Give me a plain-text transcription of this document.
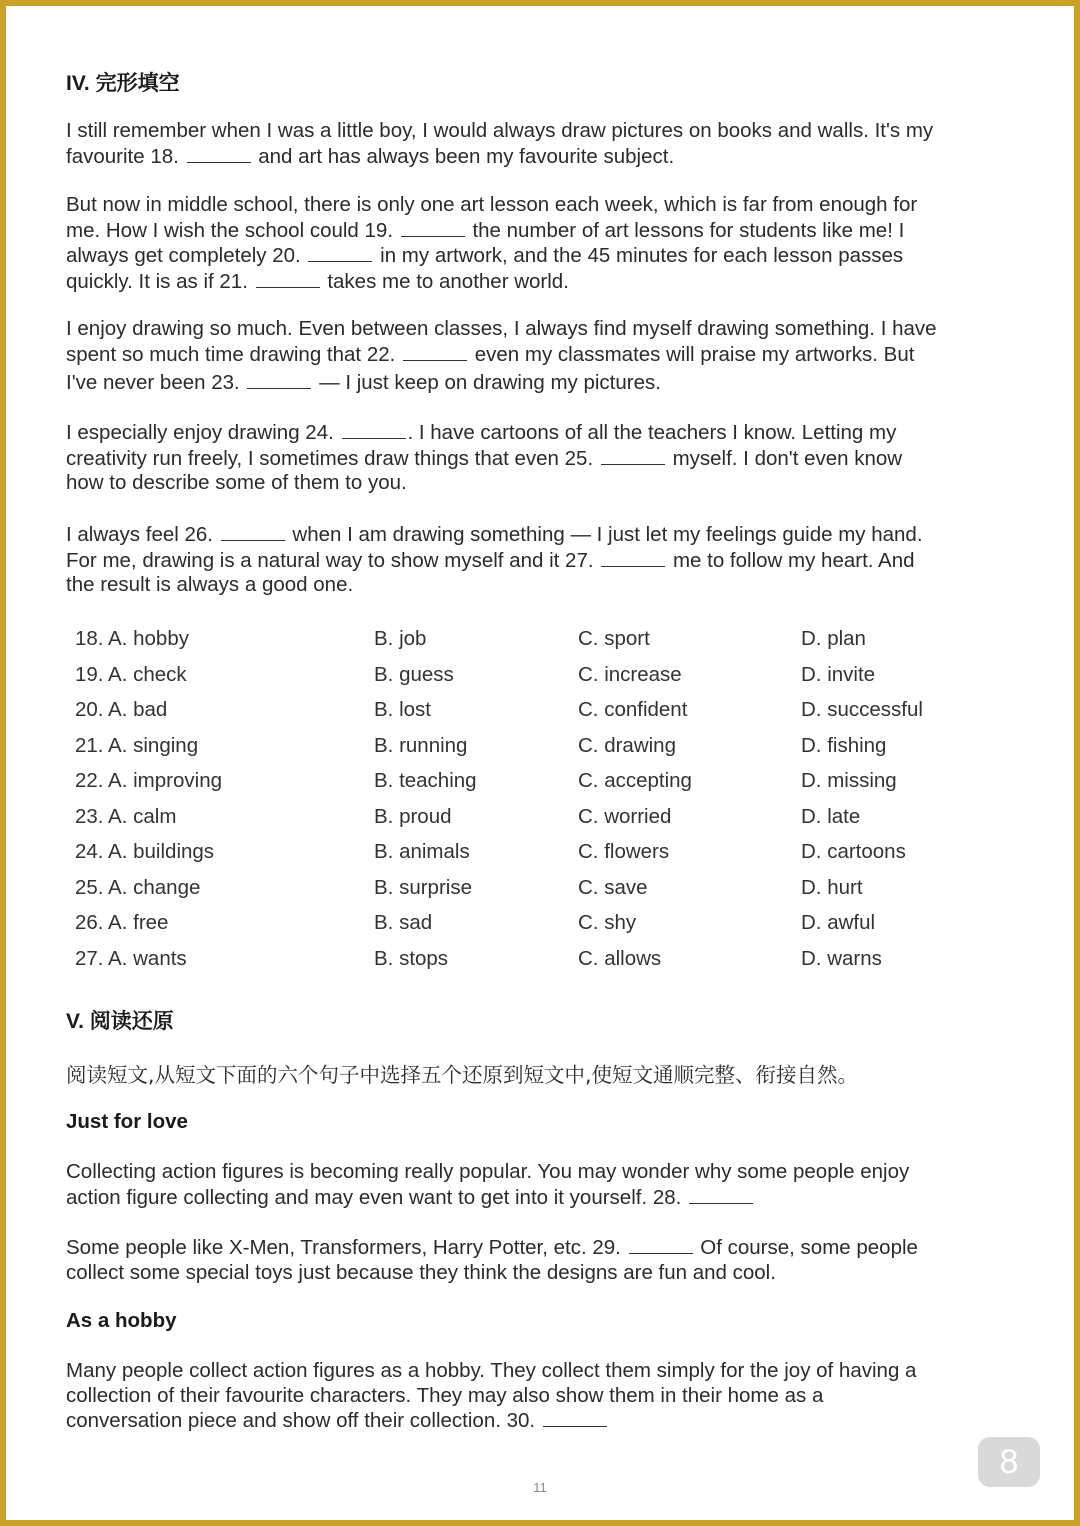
IV. 完形填空
I still remember when I was a little boy, I would always draw pictures on books and walls. It's my
favourite 18.	and art has always been my favourite subject.
But now in middle school, there is only one art lesson each week, which is far from enough for
me. How I wish the school could 19.	the number of art lessons for students like me! I
always get completely 20.	in my artwork, and the 45 minutes for each lesson passes
quickly. It is as if 21.	takes me to another world.
I enjoy drawing so much. Even between classes, I always find myself drawing something. I have
spent so much time drawing that 22.	even my classmates will praise my artworks. But
I've never been 23.	— I just keep on drawing my pictures.
I especially enjoy drawing 24.	. I have cartoons of all the teachers I know. Letting my
creativity run freely, I sometimes draw things that even 25.	myself. I don't even know
how to describe some of them to you.
I always feel 26.	when I am drawing something — I just let my feelings guide my hand.
For me, drawing is a natural way to show myself and it 27.	me to follow my heart. And
the result is always a good one.
18. A. hobby	B. job	C. sport	D. plan
19. A. check	B. guess	C. increase	D. invite
20. A. bad	B. lost	C. confident	D. successful
21. A. singing	B. running	C. drawing	D. fishing
22. A. improving	B. teaching	C. accepting	D. missing
23. A. calm	B. proud	C. worried	D. late
24. A. buildings	B. animals	C. flowers	D. cartoons
25. A. change	B. surprise	C. save	D. hurt
26. A. free	B. sad	C. shy	D. awful
27. A. wants	B. stops	C. allows	D. warns
V. 阅读还原
阅读短文,从短文下面的六个句子中选择五个还原到短文中,使短文通顺完整、衔接自然。
Just for love
Collecting action figures is becoming really popular. You may wonder why some people enjoy
action figure collecting and may even want to get into it yourself. 28.
Some people like X-Men, Transformers, Harry Potter, etc. 29.	Of course, some people
collect some special toys just because they think the designs are fun and cool.
As a hobby
Many people collect action figures as a hobby. They collect them simply for the joy of having a
collection of their favourite characters. They may also show them in their home as a
conversation piece and show off their collection. 30.
11
8
